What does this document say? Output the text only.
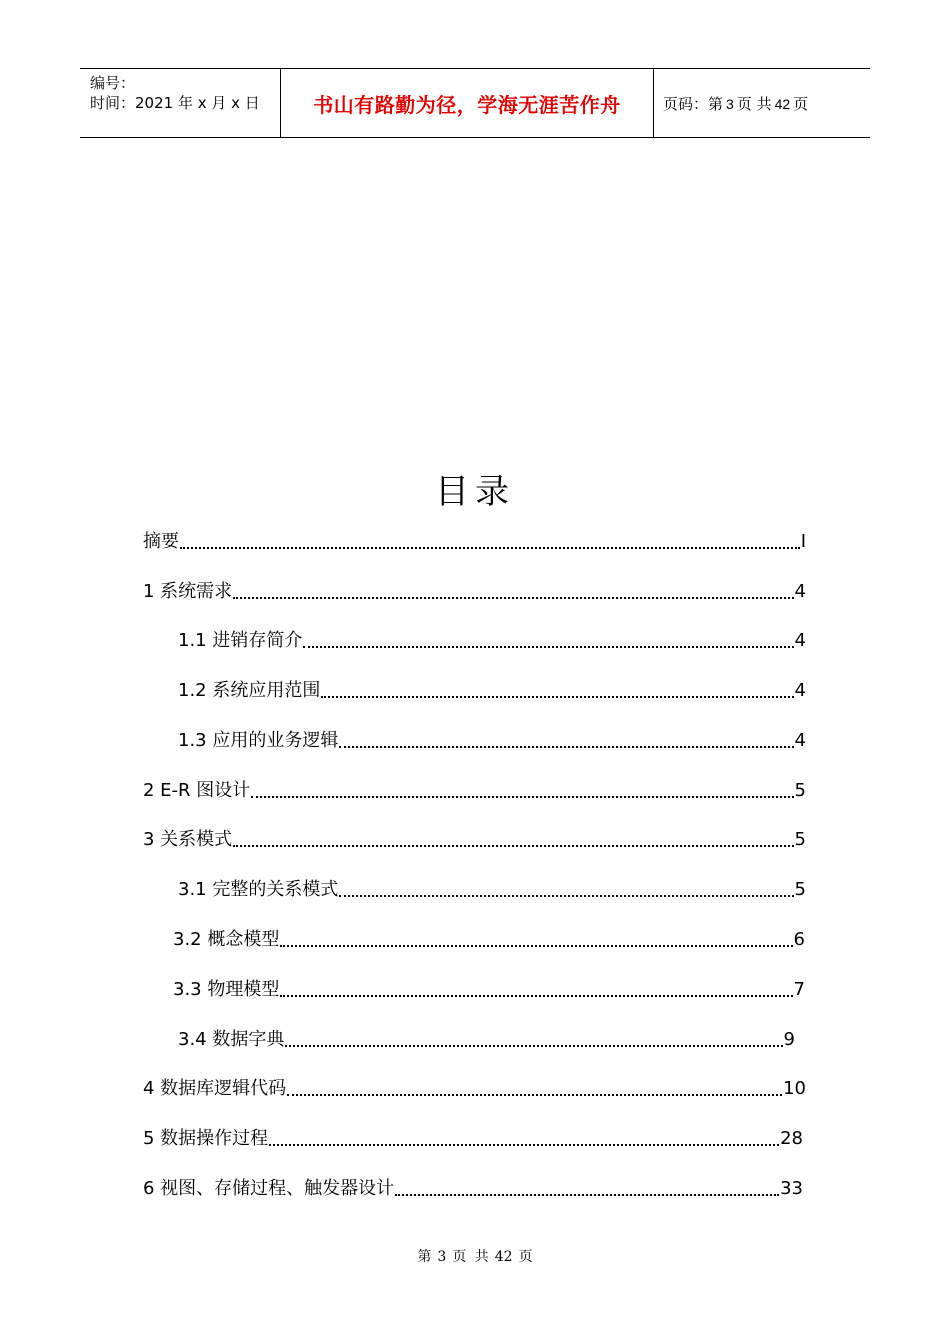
编号：
时间：2021 年 x 月 x 日	书山有路勤为径，学海无涯苦作舟	页码：第 3 页 共 42 页
目录
摘要	I
1 系统需求	4
1.1 进销存简介	4
1.2 系统应用范围	4
1.3 应用的业务逻辑	4
2 E-R 图设计	5
3 关系模式	5
3.1 完整的关系模式	5
3.2 概念模型	6
3.3 物理模型	7
3.4 数据字典	9
4 数据库逻辑代码	10
5 数据操作过程	28
6 视图、存储过程、触发器设计	33
第 3 页 共 42 页
